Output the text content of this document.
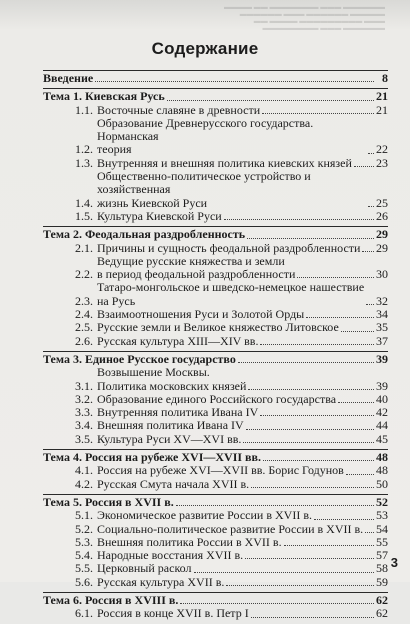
▬▬▬▬▬▬ ▬▬▬ ▬▬▬▬▬▬▬ ▬▬ ▬▬▬▬
▬▬▬▬▬ ▬▬▬▬▬▬ ▬▬▬ ▬▬▬▬▬▬
▬▬▬ ▬▬▬▬▬▬▬▬▬ ▬▬▬▬ ▬▬
▬▬▬▬▬▬ ▬▬▬ ▬▬▬▬▬▬▬▬
Содержание
Введение	8
Тема 1. Киевская Русь	21
1.1. Восточные славяне в древности	21
1.2.
Образование Древнерусского государства. Норманская
теория	22
1.3. Внутренняя и внешняя политика киевских князей 23
1.4.
Общественно-политическое устройство и хозяйственная
жизнь Киевской Руси	25
1.5. Культура Киевской Руси	26
Тема 2. Феодальная раздробленность	29
2.1. Причины и сущность феодальной раздробленности 29
2.2.
Ведущие русские княжества и земли
в период феодальной раздробленности	30
2.3.
Татаро-монгольское и шведско-немецкое нашествие
на Русь	32
2.4. Взаимоотношения Руси и Золотой Орды	34
2.5. Русские земли и Великое княжество Литовское	35
2.6. Русская культура XIII—XIV вв.	37
Тема 3. Единое Русское государство	39
3.1.
Возвышение Москвы.
Политика московских князей	39
3.2. Образование единого Российского государства	40
3.3. Внутренняя политика Ивана IV	42
3.4. Внешняя политика Ивана IV	44
3.5. Культура Руси XV—XVI вв.	45
Тема 4. Россия на рубеже XVI—XVII вв.	48
4.1. Россия на рубеже XVI—XVII вв. Борис Годунов	48
4.2. Русская Смута начала XVII в.	50
Тема 5. Россия в XVII в.	52
5.1. Экономическое развитие России в XVII в.	53
5.2. Социально-политическое развитие России в XVII в. 54
5.3. Внешняя политика России в XVII в.	55
5.4. Народные восстания XVII в.	57
5.5. Церковный раскол	58
5.6. Русская культура XVII в.	59
Тема 6. Россия в XVIII в.	62
6.1. Россия в конце XVII в. Петр I	62
3
